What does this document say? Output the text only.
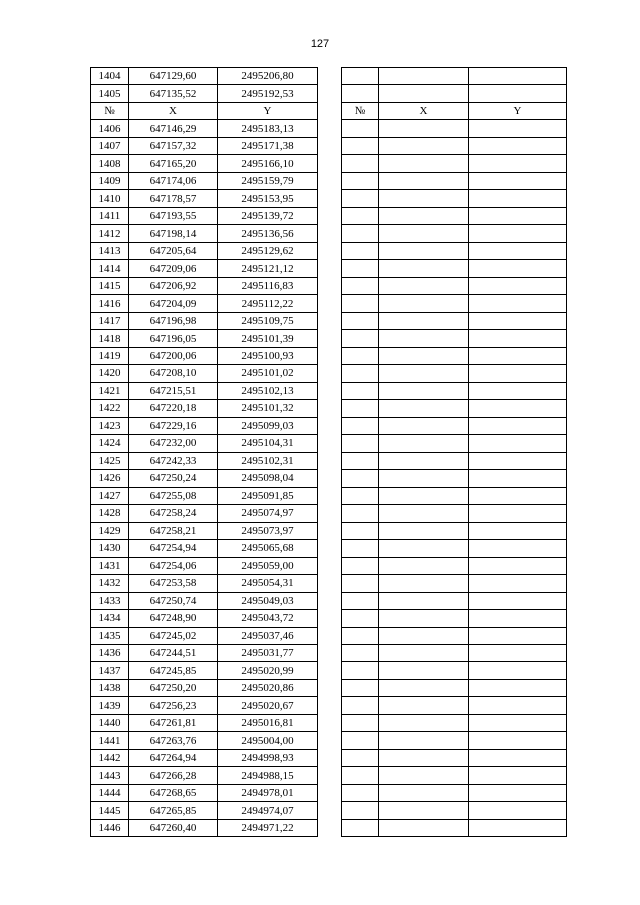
127
1404	647129,60	2495206,80				
1405	647135,52	2495192,53				
№	X	Y		№	X	Y
1406	647146,29	2495183,13				
1407	647157,32	2495171,38				
1408	647165,20	2495166,10				
1409	647174,06	2495159,79				
1410	647178,57	2495153,95				
1411	647193,55	2495139,72				
1412	647198,14	2495136,56				
1413	647205,64	2495129,62				
1414	647209,06	2495121,12				
1415	647206,92	2495116,83				
1416	647204,09	2495112,22				
1417	647196,98	2495109,75				
1418	647196,05	2495101,39				
1419	647200,06	2495100,93				
1420	647208,10	2495101,02				
1421	647215,51	2495102,13				
1422	647220,18	2495101,32				
1423	647229,16	2495099,03				
1424	647232,00	2495104,31				
1425	647242,33	2495102,31				
1426	647250,24	2495098,04				
1427	647255,08	2495091,85				
1428	647258,24	2495074,97				
1429	647258,21	2495073,97				
1430	647254,94	2495065,68				
1431	647254,06	2495059,00				
1432	647253,58	2495054,31				
1433	647250,74	2495049,03				
1434	647248,90	2495043,72				
1435	647245,02	2495037,46				
1436	647244,51	2495031,77				
1437	647245,85	2495020,99				
1438	647250,20	2495020,86				
1439	647256,23	2495020,67				
1440	647261,81	2495016,81				
1441	647263,76	2495004,00				
1442	647264,94	2494998,93				
1443	647266,28	2494988,15				
1444	647268,65	2494978,01				
1445	647265,85	2494974,07				
1446	647260,40	2494971,22				
